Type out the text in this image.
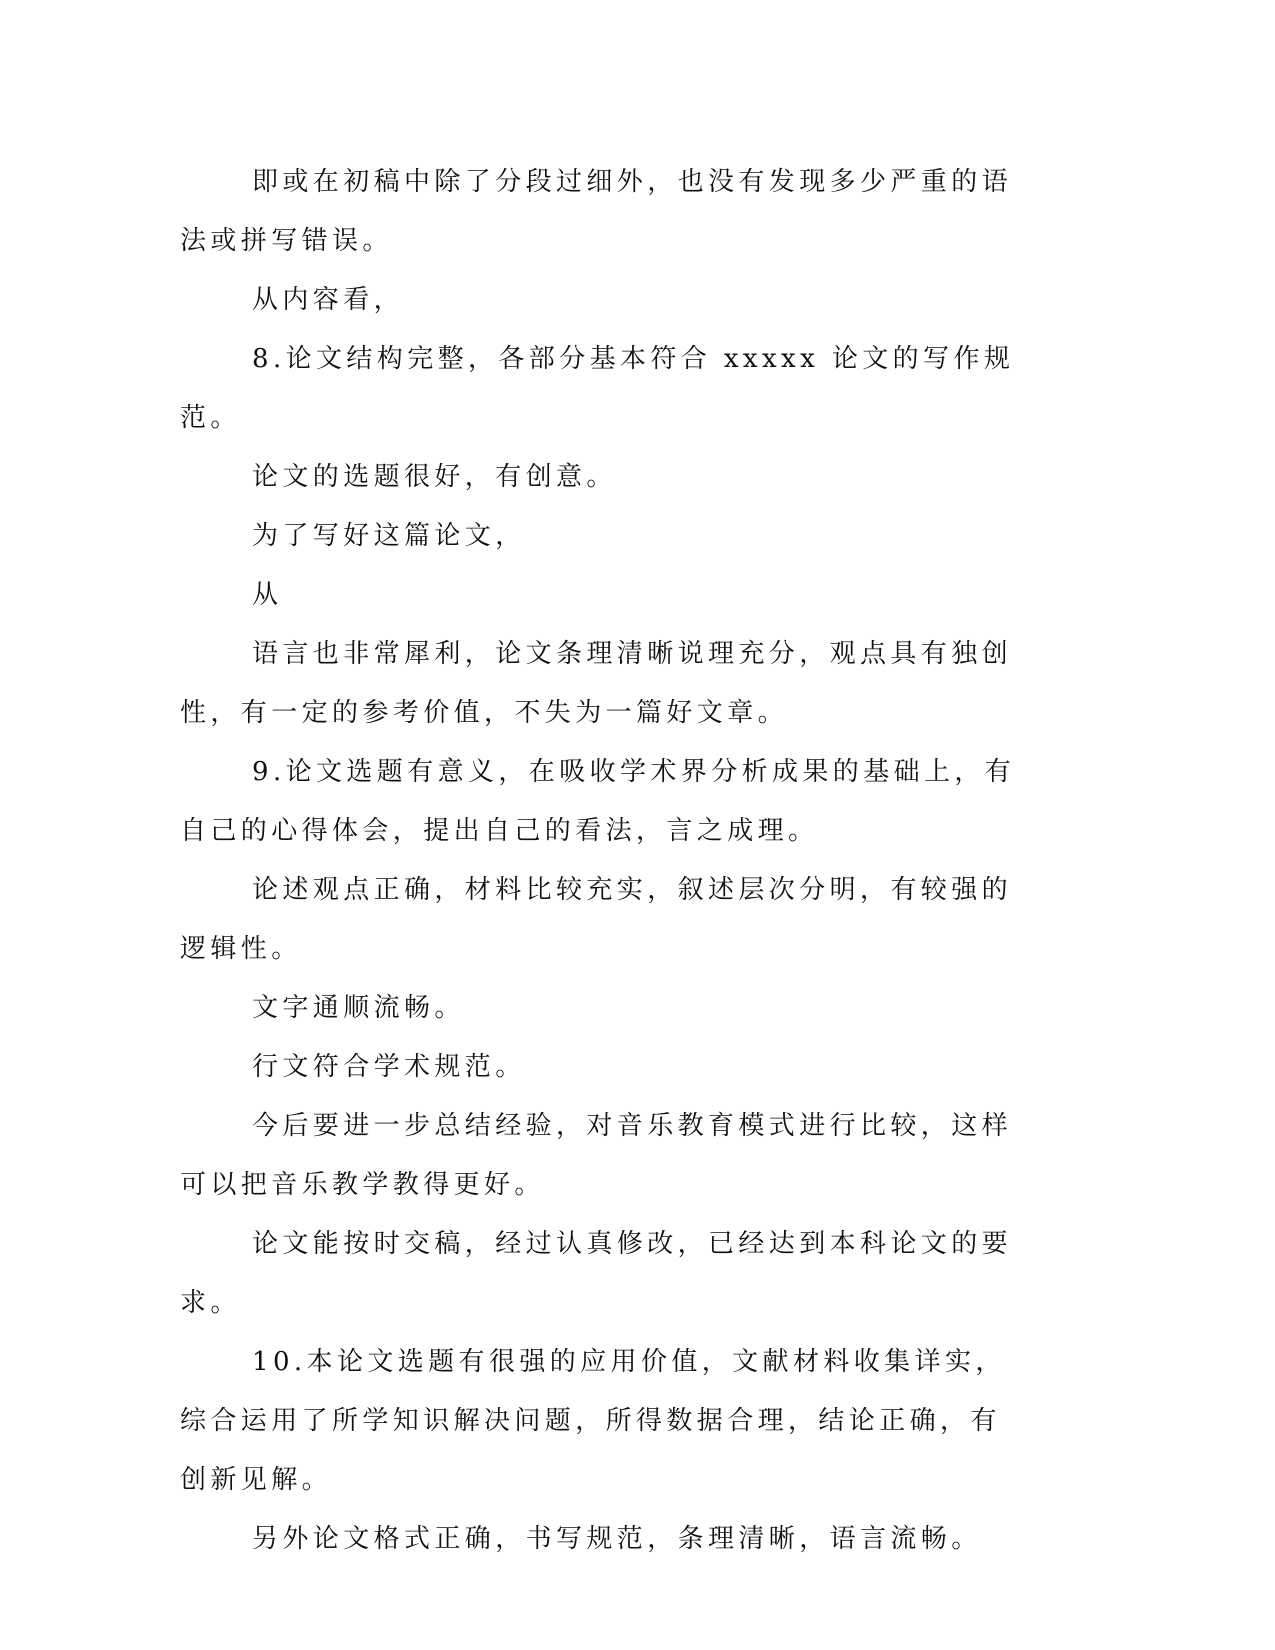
即或在初稿中除了分段过细外，也没有发现多少严重的语法或拼写错误。

从内容看，

8.论文结构完整，各部分基本符合 xxxxx 论文的写作规范。

论文的选题很好，有创意。

为了写好这篇论文，

从

语言也非常犀利，论文条理清晰说理充分，观点具有独创性，有一定的参考价值，不失为一篇好文章。

9.论文选题有意义，在吸收学术界分析成果的基础上，有自己的心得体会，提出自己的看法，言之成理。

论述观点正确，材料比较充实，叙述层次分明，有较强的逻辑性。

文字通顺流畅。

行文符合学术规范。

今后要进一步总结经验，对音乐教育模式进行比较，这样可以把音乐教学教得更好。

论文能按时交稿，经过认真修改，已经达到本科论文的要求。

10.本论文选题有很强的应用价值，文献材料收集详实，综合运用了所学知识解决问题，所得数据合理，结论正确，有创新见解。

另外论文格式正确，书写规范，条理清晰，语言流畅。
